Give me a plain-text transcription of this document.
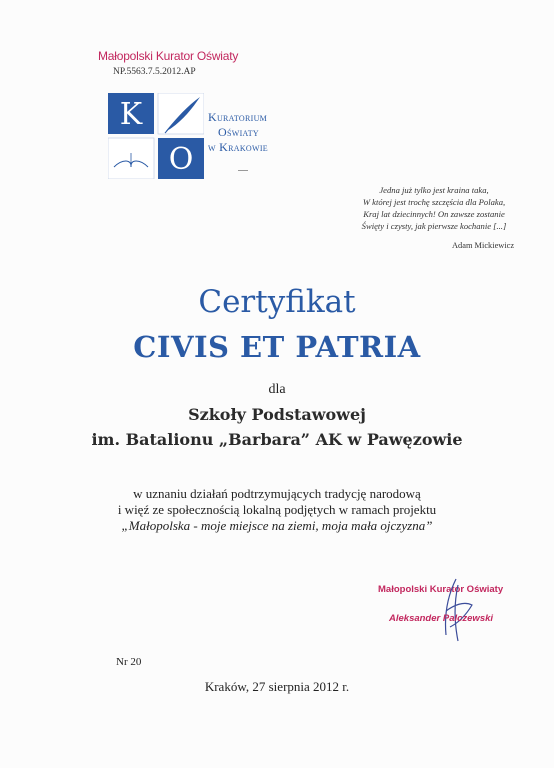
Małopolski Kurator Oświaty
NP.5563.7.5.2012.AP
K
O
Kuratorium
Oświaty
w Krakowie
Jedna już tylko jest kraina taka,
W której jest trochę szczęścia dla Polaka,
Kraj lat dziecinnych! On zawsze zostanie
Święty i czysty, jak pierwsze kochanie [...]
Adam Mickiewicz
Certyfikat
CIVIS ET PATRIA
dla
Szkoły Podstawowej
im. Batalionu „Barbara” AK w Pawęzowie
w uznaniu działań podtrzymujących tradycję narodową
i więź ze społecznością lokalną podjętych w ramach projektu
„Małopolska - moje miejsce na ziemi, moja mała ojczyzna”
Małopolski Kurator Oświaty
Aleksander Palczewski
Nr 20
Kraków, 27 sierpnia 2012 r.
